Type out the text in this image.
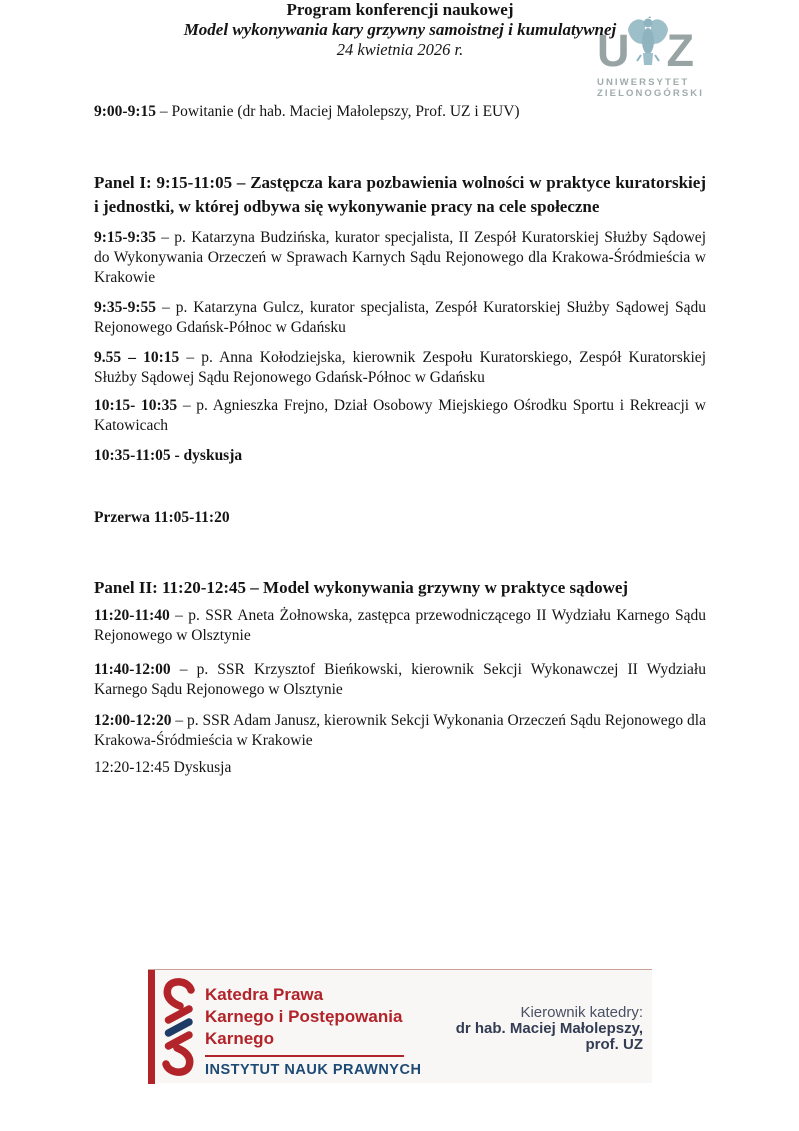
U Z
UNIWERSYTET
ZIELONOGÓRSKI

Program konferencji naukowej

Model wykonywania kary grzywny samoistnej i kumulatywnej

24 kwietnia 2026 r.

9:00-9:15 – Powitanie (dr hab. Maciej Małolepszy, Prof. UZ i EUV)

Panel I: 9:15-11:05 – Zastępcza kara pozbawienia wolności w praktyce kuratorskiej i jednostki, w której odbywa się wykonywanie pracy na cele społeczne

9:15-9:35 – p. Katarzyna Budzińska, kurator specjalista, II Zespół Kuratorskiej Służby Sądowej do Wykonywania Orzeczeń w Sprawach Karnych Sądu Rejonowego dla Krakowa-Śródmieścia w Krakowie

9:35-9:55 – p. Katarzyna Gulcz, kurator specjalista, Zespół Kuratorskiej Służby Sądowej Sądu Rejonowego Gdańsk-Północ w Gdańsku

9.55 – 10:15 – p. Anna Kołodziejska, kierownik Zespołu Kuratorskiego, Zespół Kuratorskiej Służby Sądowej Sądu Rejonowego Gdańsk-Północ w Gdańsku

10:15- 10:35 – p. Agnieszka Frejno, Dział Osobowy Miejskiego Ośrodku Sportu i Rekreacji w Katowicach

10:35-11:05 - dyskusja

Przerwa 11:05-11:20

Panel II: 11:20-12:45 – Model wykonywania grzywny w praktyce sądowej

11:20-11:40 – p. SSR Aneta Żołnowska, zastępca przewodniczącego II Wydziału Karnego Sądu Rejonowego w Olsztynie

11:40-12:00 – p. SSR Krzysztof Bieńkowski, kierownik Sekcji Wykonawczej II Wydziału Karnego Sądu Rejonowego w Olsztynie

12:00-12:20 – p. SSR Adam Janusz, kierownik Sekcji Wykonania Orzeczeń Sądu Rejonowego dla Krakowa-Śródmieścia w Krakowie

12:20-12:45 Dyskusja

Katedra Prawa
Karnego i Postępowania
Karnego
INSTYTUT NAUK PRAWNYCH
Kierownik katedry:
dr hab. Maciej Małolepszy,
prof. UZ
